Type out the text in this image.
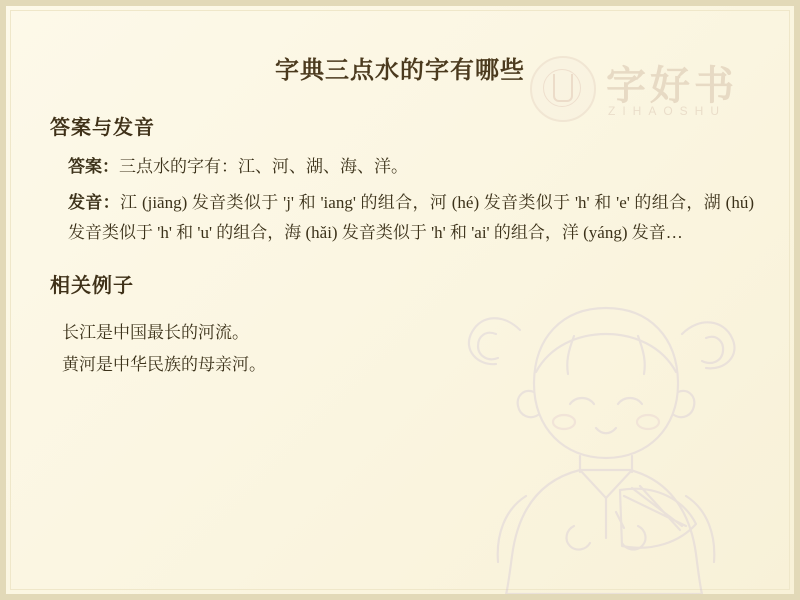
字好书
ZIHAOSHU
字典三点水的字有哪些
答案与发音

答案：三点水的字有：江、河、湖、海、洋。

发音：江 (jiāng) 发音类似于 'j' 和 'iang' 的组合，河 (hé) 发音类似于 'h' 和 'e' 的组合，湖 (hú) 发音类似于 'h' 和 'u' 的组合，海 (hǎi) 发音类似于 'h' 和 'ai' 的组合，洋 (yáng) 发音…

相关例子

长江是中国最长的河流。

黄河是中华民族的母亲河。
